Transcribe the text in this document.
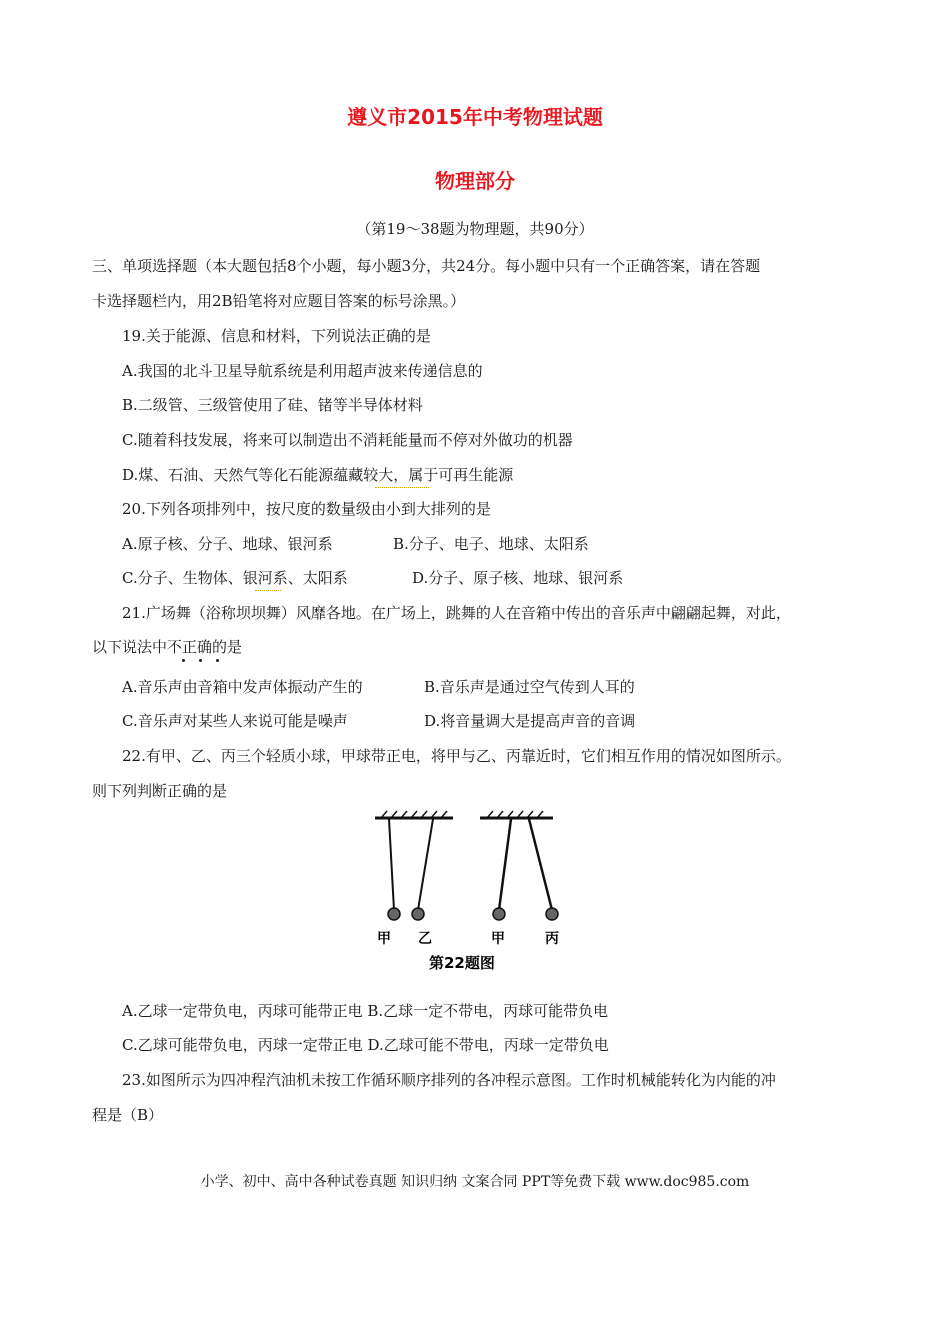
遵义市2015年中考物理试题
物理部分
（第19～38题为物理题，共90分）
三、单项选择题（本大题包括8个小题，每小题3分，共24分。每小题中只有一个正确答案，请在答题
卡选择题栏内，用2B铅笔将对应题目答案的标号涂黑。）
19.关于能源、信息和材料，下列说法正确的是
A.我国的北斗卫星导航系统是利用超声波来传递信息的
B.二级管、三级管使用了硅、锗等半导体材料
C.随着科技发展，将来可以制造出不消耗能量而不停对外做功的机器
D.煤、石油、天然气等化石能源蕴藏较大，属于可再生能源
20.下列各项排列中，按尺度的数量级由小到大排列的是
A.原子核、分子、地球、银河系	B.分子、电子、地球、太阳系
C.分子、生物体、银河系、太阳系	D.分子、原子核、地球、银河系
21.广场舞（浴称坝坝舞）风靡各地。在广场上，跳舞的人在音箱中传出的音乐声中翩翩起舞，对此，
以下说法中不正确的是
A.音乐声由音箱中发声体振动产生的	B.音乐声是通过空气传到人耳的
C.音乐声对某些人来说可能是噪声	D.将音量调大是提高声音的音调
22.有甲、乙、丙三个轻质小球，甲球带正电，将甲与乙、丙靠近时，它们相互作用的情况如图所示。
则下列判断正确的是
甲 乙	甲	丙
第22题图
A.乙球一定带负电，丙球可能带正电 B.乙球一定不带电，丙球可能带负电
C.乙球可能带负电，丙球一定带正电 D.乙球可能不带电，丙球一定带负电
23.如图所示为四冲程汽油机未按工作循环顺序排列的各冲程示意图。工作时机械能转化为内能的冲
程是（B）
小学、初中、高中各种试卷真题 知识归纳 文案合同 PPT等免费下载 www.doc985.com
